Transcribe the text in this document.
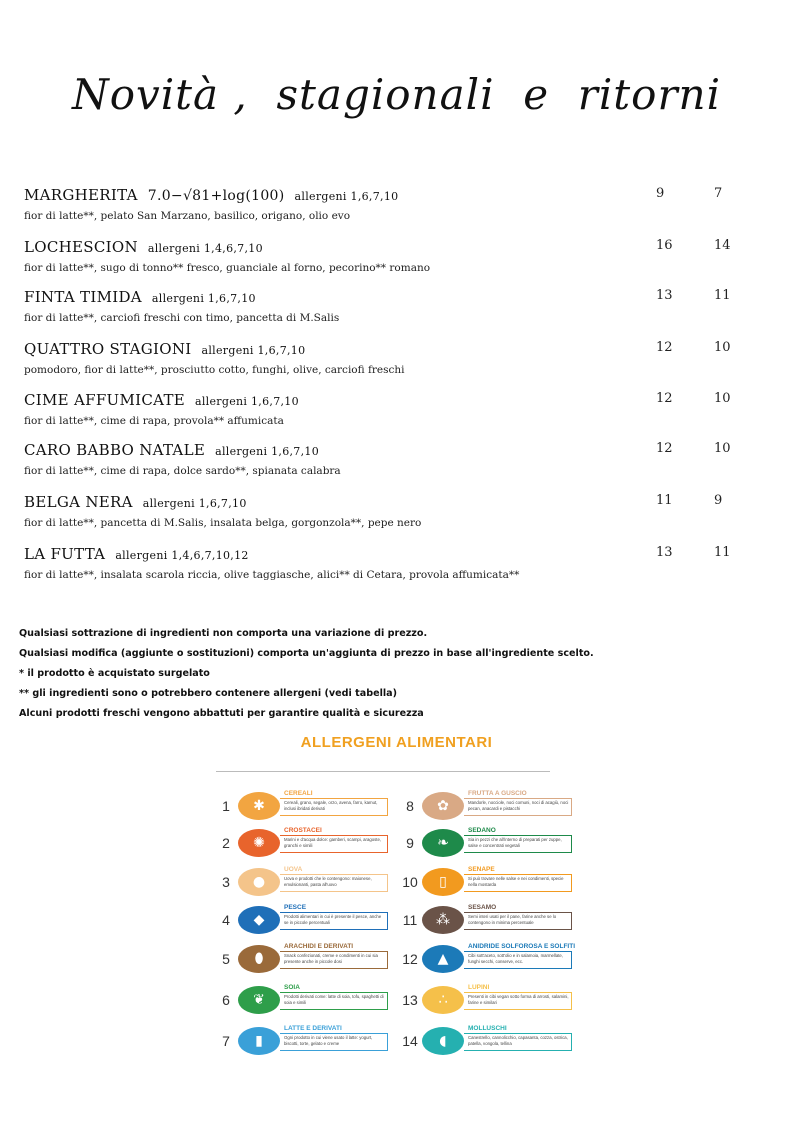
Novità ,  stagionali  e  ritorni
MARGHERITA 7.0−√81+log(100) allergeni 1,6,7,10
fior di latte**, pelato San Marzano, basilico, origano, olio evo
9	7
LOCHESCION allergeni 1,4,6,7,10
fior di latte**, sugo di tonno** fresco, guanciale al forno, pecorino** romano
16	14
FINTA TIMIDA allergeni 1,6,7,10
fior di latte**, carciofi freschi con timo, pancetta di M.Salis
13	11
QUATTRO STAGIONI allergeni 1,6,7,10
pomodoro, fior di latte**, prosciutto cotto, funghi, olive, carciofi freschi
12	10
CIME AFFUMICATE allergeni 1,6,7,10
fior di latte**, cime di rapa, provola** affumicata
12	10
CARO BABBO NATALE allergeni 1,6,7,10
fior di latte**, cime di rapa, dolce sardo**, spianata calabra
12	10
BELGA NERA allergeni 1,6,7,10
fior di latte**, pancetta di M.Salis, insalata belga, gorgonzola**, pepe nero
11	9
LA FUTTA allergeni 1,4,6,7,10,12
fior di latte**, insalata scarola riccia, olive taggiasche, alici** di Cetara, provola affumicata**
13	11
Qualsiasi sottrazione di ingredienti non comporta una variazione di prezzo.
Qualsiasi modifica (aggiunte o sostituzioni) comporta un'aggiunta di prezzo in base all'ingrediente scelto.
* il prodotto è acquistato surgelato
** gli ingredienti sono o potrebbero contenere allergeni (vedi tabella)
Alcuni prodotti freschi vengono abbattuti per garantire qualità e sicurezza
ALLERGENI ALIMENTARI
1	✱
CEREALI
Cereali, grano, segale, orzo, avena, farro, kamut, inclusi ibridati derivati
2	✺
CROSTACEI
Marini e d'acqua dolce: gamberi, scampi, aragoste, granchi e simili
3	●
UOVA
Uova e prodotti che le contengono: maionese, emulsionanti, pasta all'uovo
4	◆
PESCE
Prodotti alimentari in cui è presente il pesce, anche se in piccole percentuali
5	⬮
ARACHIDI E DERIVATI
Snack confezionati, creme e condimenti in cui sia presente anche in piccole dosi
6	❦
SOIA
Prodotti derivati come: latte di soia, tofu, spaghetti di soia e simili
7	▮
LATTE E DERIVATI
Ogni prodotto in cui viene usato il latte: yogurt, biscotti, torte, gelato e creme
8	✿
FRUTTA A GUSCIO
Mandorle, nocciole, noci comuni, noci di acagiù, noci pecan, anacardi e pistacchi
9	❧
SEDANO
Sia in pezzi che all'interno di preparati per zuppe, salse e concentrati vegetali
10	▯
SENAPE
Si può trovare nelle salse e nei condimenti, specie nella mostarda
11	⁂
SESAMO
Semi interi usati per il pane, farine anche se lo contengono in minima percentuale
12	▲
ANIDRIDE SOLFOROSA E SOLFITI
Cibi sott'aceto, sott'olio e in salamoia, marmellate, funghi secchi, conserve, ecc.
13	∴
LUPINI
Presenti in cibi vegan sotto forma di arrosti, salamini, farine e similari
14	◖
MOLLUSCHI
Canestrello, cannolicchio, capasanta, cozza, ostrica, patella, vongola, tellina
